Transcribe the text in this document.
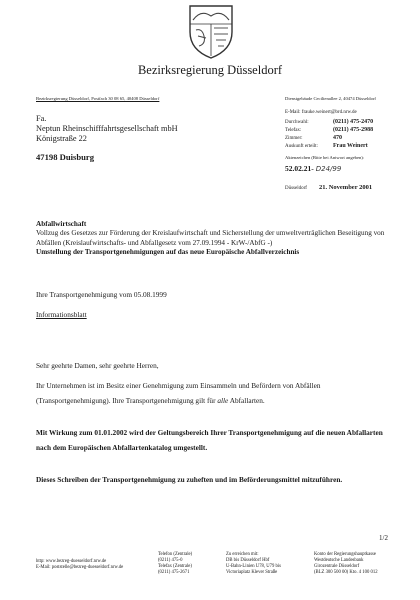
Bezirksregierung Düsseldorf
Bezirksregierung Düsseldorf, Postfach 30 08 65, 40408 Düsseldorf
Fa.
Neptun Rheinschifffahrtsgesellschaft mbH
Königstraße 22
47198 Duisburg
Dienstgebäude Cecilienallee 2, 40474 Düsseldorf
E-Mail: frauke.weinert@brd.nrw.de
Durchwahl:	(0211) 475-2470
Telefax:	(0211) 475-2988
Zimmer:	470
Auskunft erteilt:	Frau Weinert
Aktenzeichen (Bitte bei Antwort angeben):
52.02.21- D24/99
Düsseldorf 21. November 2001
Abfallwirtschaft
Vollzug des Gesetzes zur Förderung der Kreislaufwirtschaft und Sicherstellung der umweltverträglichen Beseitigung von Abfällen (Kreislaufwirtschafts- und Abfallgesetz vom 27.09.1994 - KrW-/AbfG -)
Umstellung der Transportgenehmigungen auf das neue Europäische Abfallverzeichnis
Ihre Transportgenehmigung vom 05.08.1999
Informationsblatt
Sehr geehrte Damen, sehr geehrte Herren,
Ihr Unternehmen ist im Besitz einer Genehmigung zum Einsammeln und Befördern von Abfällen (Transportgenehmigung). Ihre Transportgenehmigung gilt für alle Abfallarten.
Mit Wirkung zum 01.01.2002 wird der Geltungsbereich Ihrer Transportgenehmigung auf die neuen Abfallarten nach dem Europäischen Abfallartenkatalog umgestellt.
Dieses Schreiben der Transportgenehmigung zu zuheften und im Beförderungsmittel mitzuführen.
1/2
http: www.bezreg-duesseldorf.nrw.de
E-Mail: poststelle@bezreg-duesseldorf.nrw.de
Telefon (Zentrale)
(0211) 475-0
Telefax (Zentrale)
(0211) 475-2671
Zu erreichen mit:
DB bis Düsseldorf Hbf
U-Bahn-Linien U78, U79 bis
Victoriaplatz Klever Straße
Konto der Regierungshauptkasse
Westdeutsche Landesbank
Girozentrale Düsseldorf
(BLZ 300 500 00) Kto. 4 100 012
